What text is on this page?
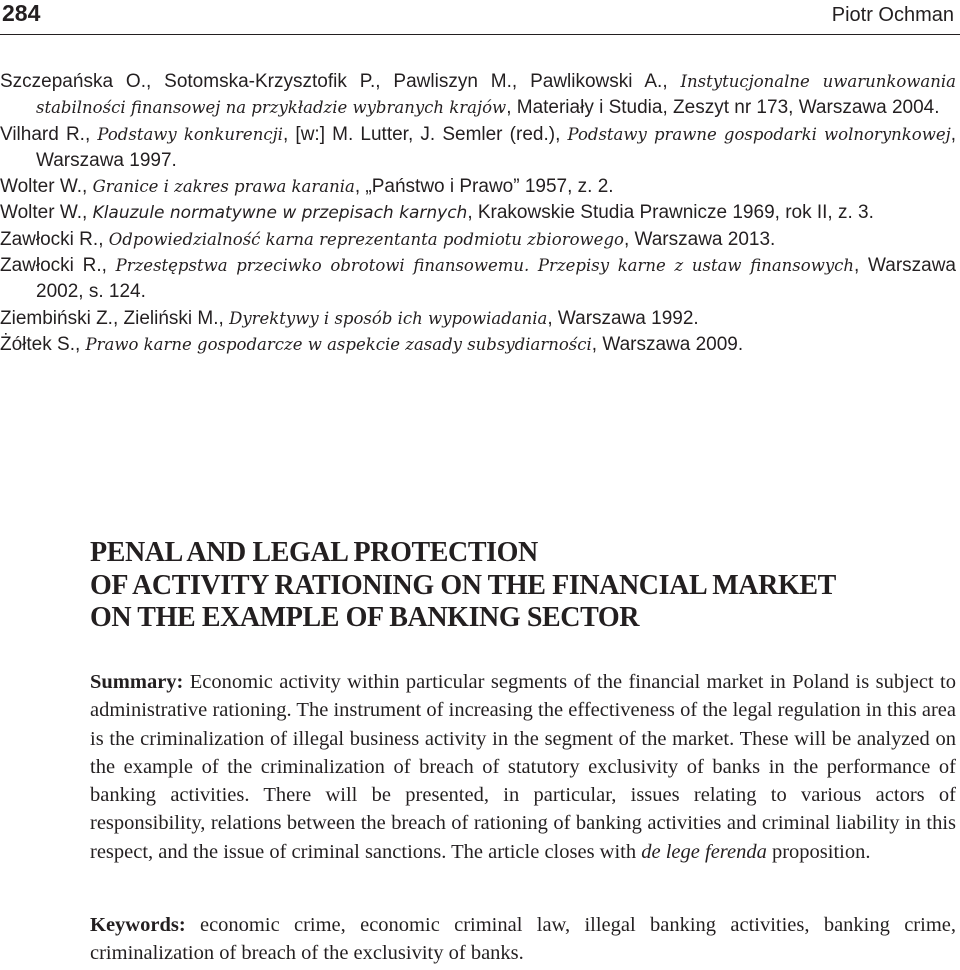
284	Piotr Ochman
Szczepańska O., Sotomska-Krzysztofik P., Pawliszyn M., Pawlikowski A., Instytucjonalne uwarunkowania stabilności finansowej na przykładzie wybranych krajów, Materiały i Studia, Zeszyt nr 173, Warszawa 2004.
Vilhard R., Podstawy konkurencji, [w:] M. Lutter, J. Semler (red.), Podstawy prawne gospodarki wolnorynkowej, Warszawa 1997.
Wolter W., Granice i zakres prawa karania, „Państwo i Prawo” 1957, z. 2.
Wolter W., Klauzule normatywne w przepisach karnych, Krakowskie Studia Prawnicze 1969, rok II, z. 3.
Zawłocki R., Odpowiedzialność karna reprezentanta podmiotu zbiorowego, Warszawa 2013.
Zawłocki R., Przestępstwa przeciwko obrotowi finansowemu. Przepisy karne z ustaw finansowych, Warszawa 2002, s. 124.
Ziembiński Z., Zieliński M., Dyrektywy i sposób ich wypowiadania, Warszawa 1992.
Żółtek S., Prawo karne gospodarcze w aspekcie zasady subsydiarności, Warszawa 2009.
PENAL AND LEGAL PROTECTION
OF ACTIVITY RATIONING ON THE FINANCIAL MARKET
ON THE EXAMPLE OF BANKING SECTOR
Summary: Economic activity within particular segments of the financial market in Poland is subject to administrative rationing. The instrument of increasing the effectiveness of the legal regulation in this area is the criminalization of illegal business activity in the segment of the market. These will be analyzed on the example of the criminalization of breach of statutory exclusivity of banks in the performance of banking activities. There will be presented, in particular, issues relating to various actors of responsibility, relations between the breach of rationing of banking activities and criminal liability in this respect, and the issue of criminal sanctions. The article closes with de lege ferenda proposition.
Keywords: economic crime, economic criminal law, illegal banking activities, banking crime, criminalization of breach of the exclusivity of banks.
